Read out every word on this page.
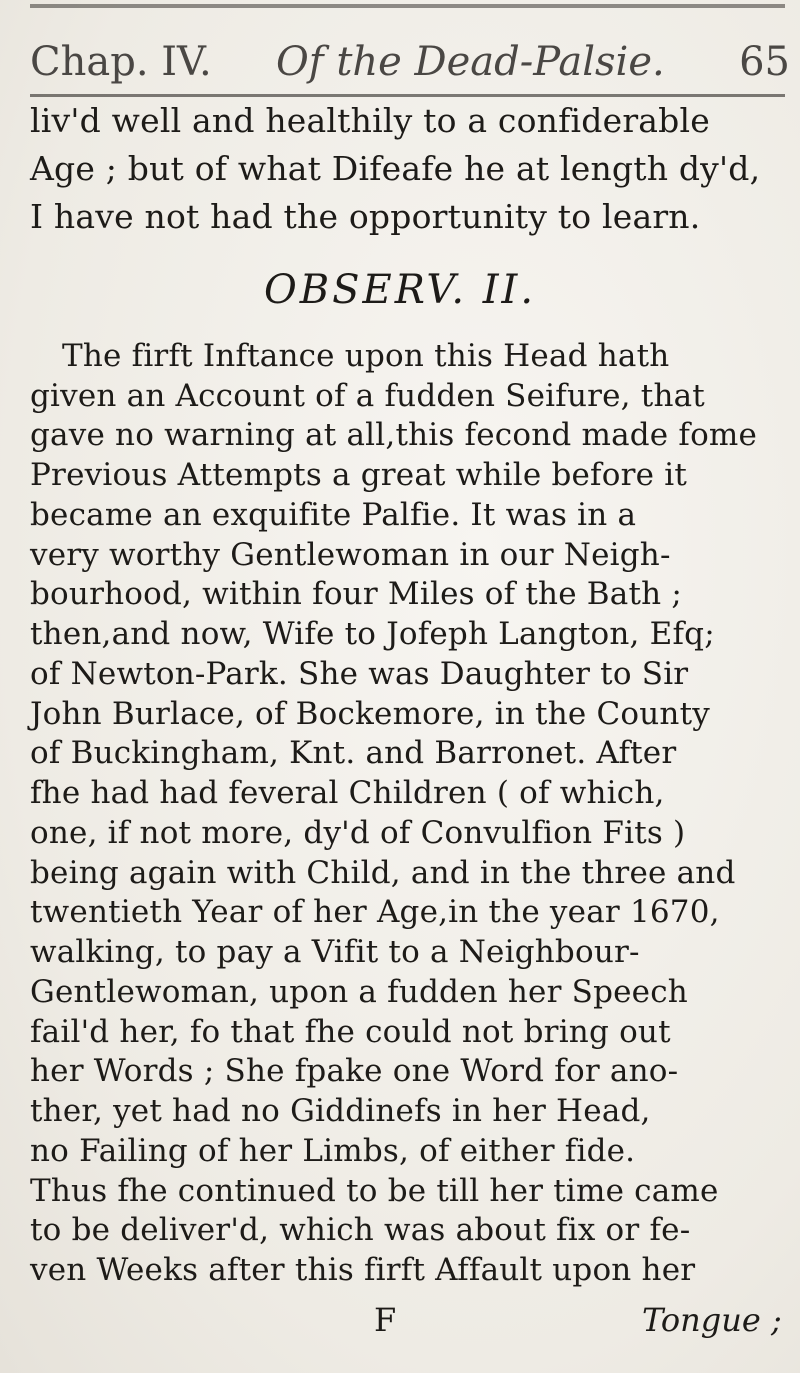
Chap. IV. Of the Dead-Palsie. 65
liv'd well and healthily to a confiderable
Age ; but of what Difeafe he at length dy'd,
I have not had the opportunity to learn.
OBSERV. II.
The firft Inftance upon this Head hath
given an Account of a fudden Seifure, that
gave no warning at all,this fecond made fome
Previous Attempts a great while before it
became an exquifite Palfie. It was in a
very worthy Gentlewoman in our Neigh-
bourhood, within four Miles of the Bath ;
then,and now, Wife to Jofeph Langton, Efq;
of Newton-Park. She was Daughter to Sir
John Burlace, of Bockemore, in the County
of Buckingham, Knt. and Barronet. After
fhe had had feveral Children ( of which,
one, if not more, dy'd of Convulfion Fits )
being again with Child, and in the three and
twentieth Year of her Age,in the year 1670,
walking, to pay a Vifit to a Neighbour-
Gentlewoman, upon a fudden her Speech
fail'd her, fo that fhe could not bring out
her Words ; She fpake one Word for ano-
ther, yet had no Giddinefs in her Head,
no Failing of her Limbs, of either fide.
Thus fhe continued to be till her time came
to be deliver'd, which was about fix or fe-
ven Weeks after this firft Affault upon her
F	Tongue ;
